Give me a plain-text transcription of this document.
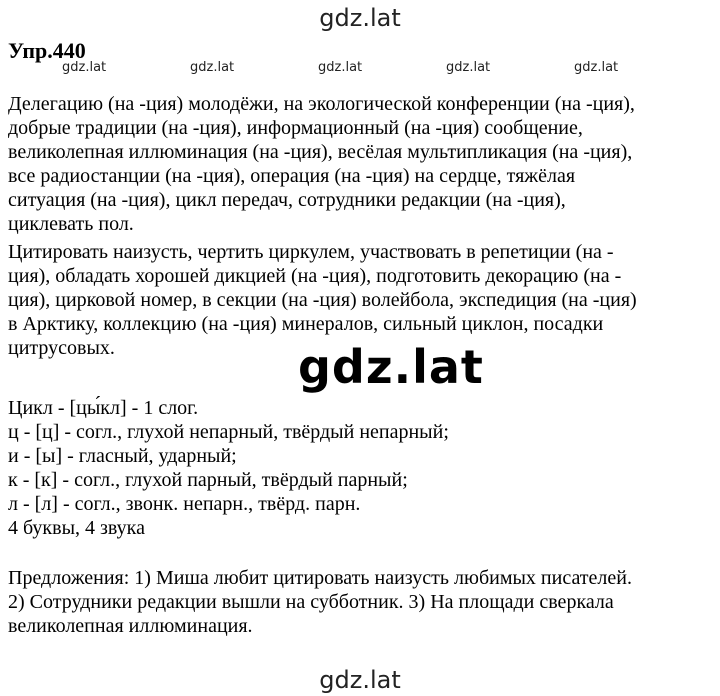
gdz.lat
Упр.440
gdz.lat	gdz.lat	gdz.lat	gdz.lat	gdz.lat
Делегацию (на -ция) молодёжи, на экологической конференции (на -ция),
добрые традиции (на -ция), информационный (на -ция) сообщение,
великолепная иллюминация (на -ция), весёлая мультипликация (на -ция),
все радиостанции (на -ция), операция (на -ция) на сердце, тяжёлая
ситуация (на -ция), цикл передач, сотрудники редакции (на -ция),
циклевать пол.
Цитировать наизусть, чертить циркулем, участвовать в репетиции (на -
ция), обладать хорошей дикцией (на -ция), подготовить декорацию (на -
ция), цирковой номер, в секции (на -ция) волейбола, экспедиция (на -ция)
в Арктику, коллекцию (на -ция) минералов, сильный циклон, посадки
цитрусовых.	gdz.lat
Цикл - [цы́кл] - 1 слог.
ц - [ц] - согл., глухой непарный, твёрдый непарный;
и - [ы] - гласный, ударный;
к - [к] - согл., глухой парный, твёрдый парный;
л - [л] - согл., звонк. непарн., твёрд. парн.
4 буквы, 4 звука
Предложения: 1) Миша любит цитировать наизусть любимых писателей.
2) Сотрудники редакции вышли на субботник. 3) На площади сверкала
великолепная иллюминация.
gdz.lat
